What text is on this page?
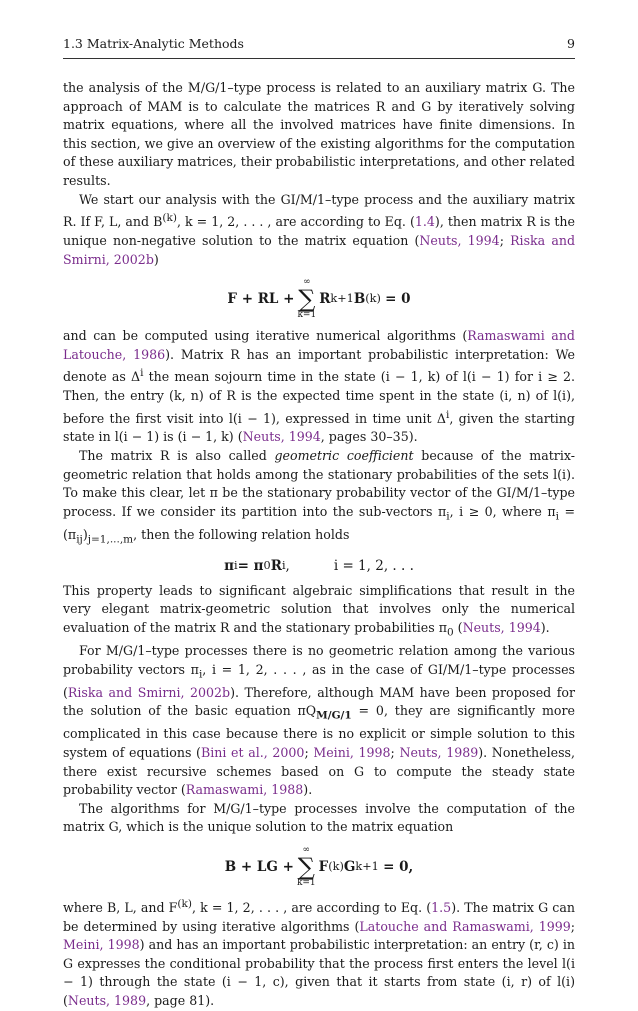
1.3 Matrix-Analytic Methods	9

the analysis of the M/G/1–type process is related to an auxiliary matrix G. The approach of MAM is to calculate the matrices R and G by iteratively solving matrix equations, where all the involved matrices have finite dimensions. In this section, we give an overview of the existing algorithms for the computation of these auxiliary matrices, their probabilistic interpretations, and other related results.

We start our analysis with the GI/M/1–type process and the auxiliary matrix R. If F, L, and $B^{(k)}$, k = 1, 2, . . . , are according to Eq. (1.4), then matrix R is the unique non-negative solution to the matrix equation (Neuts, 1994; Riska and Smirni, 2002b)

F + RL +
∞
∑
k=1
R k+1 B (k)
= 0

and can be computed using iterative numerical algorithms (Ramaswami and Latouche, 1986). Matrix R has an important probabilistic interpretation: We denote as $\Delta^i$ the mean sojourn time in the state (i − 1, k) of l(i − 1) for i ≥ 2. Then, the entry (k, n) of R is the expected time spent in the state (i, n) of l(i), before the first visit into l(i − 1), expressed in time unit $\Delta^i$, given the starting state in l(i − 1) is (i − 1, k) (Neuts, 1994, pages 30–35).

The matrix R is also called geometric coefficient because of the matrix-geometric relation that holds among the stationary probabilities of the sets l(i). To make this clear, let π be the stationary probability vector of the GI/M/1–type process. If we consider its partition into the sub-vectors $\pi_i$, i ≥ 0, where $\pi_i = (\pi_{ij})_{j=1,...,m}$, then the following relation holds

π i = π 0 R i ,	i = 1, 2, . . .

This property leads to significant algebraic simplifications that result in the very elegant matrix-geometric solution that involves only the numerical evaluation of the matrix R and the stationary probabilities $\pi_0$ (Neuts, 1994).

For M/G/1–type processes there is no geometric relation among the various probability vectors $\pi_i$, i = 1, 2, . . . , as in the case of GI/M/1–type processes (Riska and Smirni, 2002b). Therefore, although MAM have been proposed for the solution of the basic equation $\pi Q_{M/G/1} = 0$, they are significantly more complicated in this case because there is no explicit or simple solution to this system of equations (Bini et al., 2000; Meini, 1998; Neuts, 1989). Nonetheless, there exist recursive schemes based on G to compute the steady state probability vector (Ramaswami, 1988).

The algorithms for M/G/1–type processes involve the computation of the matrix G, which is the unique solution to the matrix equation

B + LG +
∞
∑
k=1
F (k) G k+1
= 0,

where B, L, and $F^{(k)}$, k = 1, 2, . . . , are according to Eq. (1.5). The matrix G can be determined by using iterative algorithms (Latouche and Ramaswami, 1999; Meini, 1998) and has an important probabilistic interpretation: an entry (r, c) in G expresses the conditional probability that the process first enters the level l(i − 1) through the state (i − 1, c), given that it starts from state (i, r) of l(i) (Neuts, 1989, page 81).
